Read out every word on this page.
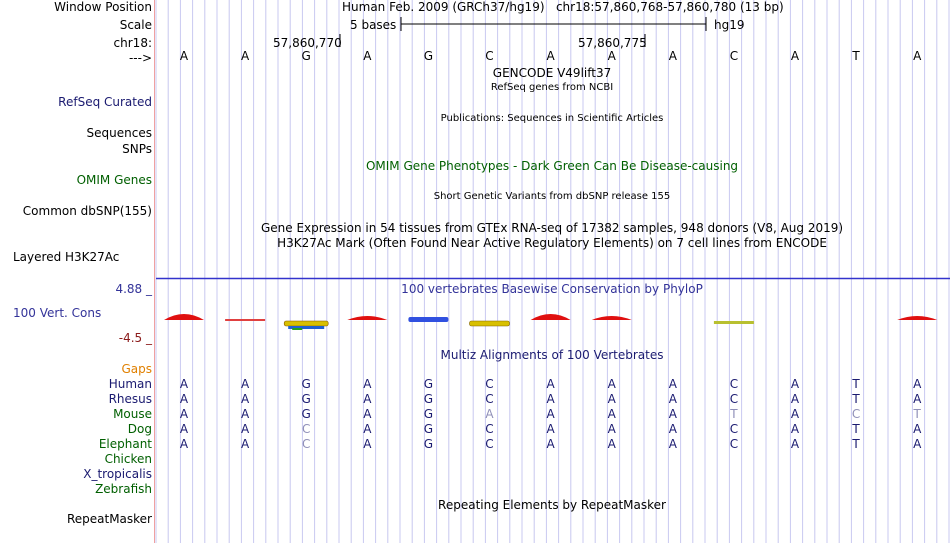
Window Position	Human Feb. 2009 (GRCh37/hg19)   chr18:57,860,768-57,860,780 (13 bp)
Scale	5 bases	hg19
chr18:	57,860,770	57,860,775
---> A	A	G	A	G	C	A	A	A	C	A	T	A
GENCODE V49lift37
RefSeq genes from NCBI
RefSeq Curated
Publications: Sequences in Scientific Articles
Sequences
SNPs
OMIM Gene Phenotypes - Dark Green Can Be Disease-causing
OMIM Genes
Short Genetic Variants from dbSNP release 155
Common dbSNP(155)
Gene Expression in 54 tissues from GTEx RNA-seq of 17382 samples, 948 donors (V8, Aug 2019)
H3K27Ac Mark (Often Found Near Active Regulatory Elements) on 7 cell lines from ENCODE
Layered H3K27Ac
100 vertebrates Basewise Conservation by PhyloP
4.88 _
100 Vert. Cons
-4.5 _
Multiz Alignments of 100 Vertebrates
Gaps
Human A	A	G	A	G	C	A	A	A	C	A	T	A
Rhesus A	A	G	A	G	C	A	A	A	C	A	T	A
Mouse A	A	G	A	G	A	A	A	A	T	A	C	T
Dog A	A	C	A	G	C	A	A	A	C	A	T	A
Elephant A	A	C	A	G	C	A	A	A	C	A	T	A
Chicken
X_tropicalis
Zebrafish
Repeating Elements by RepeatMasker
RepeatMasker
